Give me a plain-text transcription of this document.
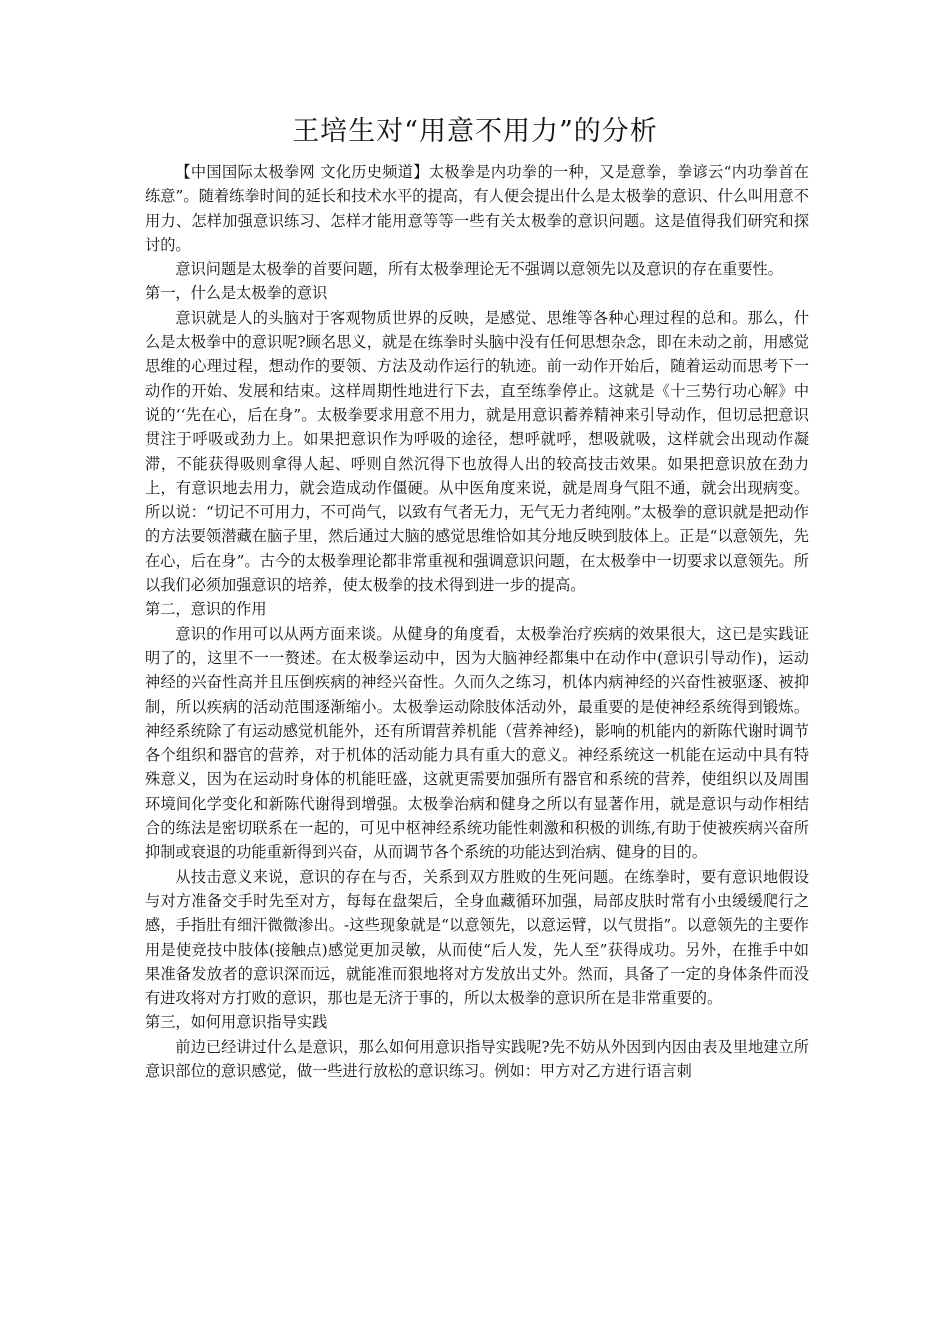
王培生对“用意不用力”的分析

【中国国际太极拳网 文化历史频道】太极拳是内功拳的一种，又是意拳，拳谚云“内功拳首在练意”。随着练拳时间的延长和技术水平的提高，有人便会提出什么是太极拳的意识、什么叫用意不用力、怎样加强意识练习、怎样才能用意等等一些有关太极拳的意识问题。这是值得我们研究和探讨的。

意识问题是太极拳的首要问题，所有太极拳理论无不强调以意领先以及意识的存在重要性。

第一，什么是太极拳的意识

意识就是人的头脑对于客观物质世界的反映，是感觉、思维等各种心理过程的总和。那么，什么是太极拳中的意识呢?顾名思义，就是在练拳时头脑中没有任何思想杂念，即在未动之前，用感觉思维的心理过程，想动作的要领、方法及动作运行的轨迹。前一动作开始后，随着运动而思考下一动作的开始、发展和结束。这样周期性地进行下去，直至练拳停止。这就是《十三势行功心解》中说的‘‘先在心，后在身”。太极拳要求用意不用力，就是用意识蓄养精神来引导动作，但切忌把意识贯注于呼吸或劲力上。如果把意识作为呼吸的途径，想呼就呼，想吸就吸，这样就会出现动作凝滞，不能获得吸则拿得人起、呼则自然沉得下也放得人出的较高技击效果。如果把意识放在劲力上，有意识地去用力，就会造成动作僵硬。从中医角度来说，就是周身气阻不通，就会出现病变。所以说：“切记不可用力，不可尚气，以致有气者无力，无气无力者纯刚。”太极拳的意识就是把动作的方法要领潜藏在脑子里，然后通过大脑的感觉思维恰如其分地反映到肢体上。正是“以意领先，先在心，后在身”。古今的太极拳理论都非常重视和强调意识问题，在太极拳中一切要求以意领先。所以我们必须加强意识的培养，使太极拳的技术得到进一步的提高。

第二，意识的作用

意识的作用可以从两方面来谈。从健身的角度看，太极拳治疗疾病的效果很大，这已是实践证明了的，这里不一一赘述。在太极拳运动中，因为大脑神经都集中在动作中(意识引导动作)，运动神经的兴奋性高并且压倒疾病的神经兴奋性。久而久之练习，机体内病神经的兴奋性被驱逐、被抑制，所以疾病的活动范围逐渐缩小。太极拳运动除肢体活动外，最重要的是使神经系统得到锻炼。神经系统除了有运动感觉机能外，还有所谓营养机能（营养神经)，影响的机能内的新陈代谢时调节各个组织和器官的营养，对于机体的活动能力具有重大的意义。神经系统这一机能在运动中具有特殊意义，因为在运动时身体的机能旺盛，这就更需要加强所有器官和系统的营养，使组织以及周围环境间化学变化和新陈代谢得到增强。太极拳治病和健身之所以有显著作用，就是意识与动作相结合的练法是密切联系在一起的，可见中枢神经系统功能性刺激和积极的训练,有助于使被疾病兴奋所抑制或衰退的功能重新得到兴奋，从而调节各个系统的功能达到治病、健身的目的。

从技击意义来说，意识的存在与否，关系到双方胜败的生死问题。在练拳时，要有意识地假设与对方准备交手时先至对方，每每在盘架后，全身血藏循环加强，局部皮肤时常有小虫缓缓爬行之感，手指肚有细汗微微渗出。-这些现象就是“以意领先，以意运臂，以气贯指”。以意领先的主要作用是使竞技中肢体(接触点)感觉更加灵敏，从而使“后人发，先人至”获得成功。另外，在推手中如果准备发放者的意识深而远，就能准而狠地将对方发放出丈外。然而，具备了一定的身体条件而没有进攻将对方打败的意识，那也是无济于事的，所以太极拳的意识所在是非常重要的。

第三，如何用意识指导实践

前边已经讲过什么是意识，那么如何用意识指导实践呢?先不妨从外因到内因由表及里地建立所意识部位的意识感觉，做一些进行放松的意识练习。例如：甲方对乙方进行语言刺
